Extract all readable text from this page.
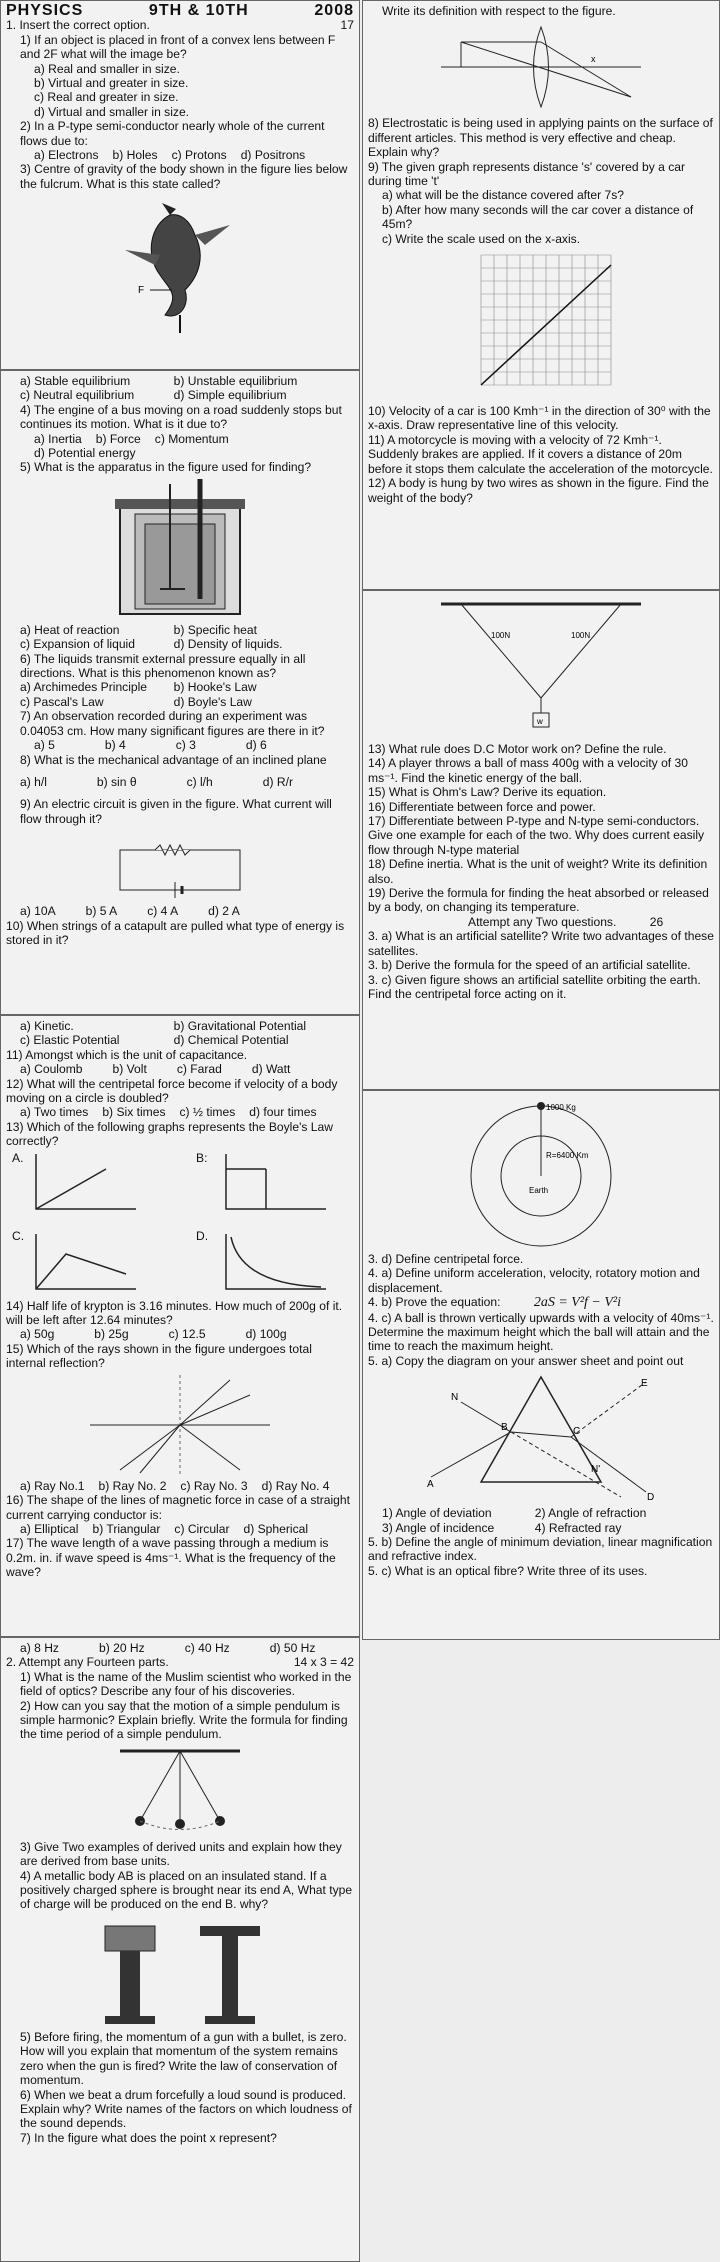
PHYSICS	9TH & 10TH	2008
1. Insert the correct option.	17

1) If an object is placed in front of a convex lens between F and 2F what will the image be?

a) Real and smaller in size.
b) Virtual and greater in size.
c) Real and greater in size.
d) Virtual and smaller in size.

2) In a P-type semi-conductor nearly whole of the current flows due to:

a) Electrons b) Holes c) Protons d) Positrons

3) Centre of gravity of the body shown in the figure lies below the fulcrum. What is this state called?

F
a) Stable equilibrium	b) Unstable equilibrium c) Neutral equilibrium	d) Simple equilibrium

4) The engine of a bus moving on a road suddenly stops but continues its motion. What is it due to?

a) Inertia b) Force c) Momentum
d) Potential energy

5) What is the apparatus in the figure used for finding?

a) Heat of reaction	b) Specific heat c) Expansion of liquid	d) Density of liquids.

6) The liquids transmit external pressure equally in all directions. What is this phenomenon known as?

a) Archimedes Principle b) Hooke's Law c) Pascal's Law	d) Boyle's Law

7) An observation recorded during an experiment was 0.04053 cm. How many significant figures are there in it?

a) 5	b) 4	c) 3	d) 6

8) What is the mechanical advantage of an inclined plane

a) h/l	b) sin θ	c) l/h	d) R/r

9) An electric circuit is given in the figure. What current will flow through it?

a) 10A b) 5 A c) 4 A d) 2 A

10) When strings of a catapult are pulled what type of energy is stored in it?

a) Kinetic.	b) Gravitational Potential c) Elastic Potential	d) Chemical Potential

11) Amongst which is the unit of capacitance.

a) Coulomb b) Volt c) Farad d) Watt

12) What will the centripetal force become if velocity of a body moving on a circle is doubled?

a) Two times b) Six times c) ½ times d) four times

13) Which of the following graphs represents the Boyle's Law correctly?

A.	B:
C.	D.

14) Half life of krypton is 3.16 minutes. How much of 200g of it. will be left after 12.64 minutes?

a) 50g	b) 25g	c) 12.5	d) 100g

15) Which of the rays shown in the figure undergoes total internal reflection?

a) Ray No.1 b) Ray No. 2 c) Ray No. 3 d) Ray No. 4

16) The shape of the lines of magnetic force in case of a straight current carrying conductor is:

a) Elliptical b) Triangular c) Circular d) Spherical

17) The wave length of a wave passing through a medium is 0.2m. in. if wave speed is 4ms⁻¹. What is the frequency of the wave?

a) 8 Hz	b) 20 Hz	c) 40 Hz	d) 50 Hz
2. Attempt any Fourteen parts.	14 x 3 = 42

1) What is the name of the Muslim scientist who worked in the field of optics? Describe any four of his discoveries.

2) How can you say that the motion of a simple pendulum is simple harmonic? Explain briefly. Write the formula for finding the time period of a simple pendulum.

3) Give Two examples of derived units and explain how they are derived from base units.

4) A metallic body AB is placed on an insulated stand. If a positively charged sphere is brought near its end A, What type of charge will be produced on the end B. why?

5) Before firing, the momentum of a gun with a bullet, is zero. How will you explain that momentum of the system remains zero when the gun is fired? Write the law of conservation of momentum.

6) When we beat a drum forcefully a loud sound is produced. Explain why? Write names of the factors on which loudness of the sound depends.

7) In the figure what does the point x represent?

Write its definition with respect to the figure.

x

8) Electrostatic is being used in applying paints on the surface of different articles. This method is very effective and cheap. Explain why?

9) The given graph represents distance 's' covered by a car during time 't'

a) what will be the distance covered after 7s?
b) After how many seconds will the car cover a distance of 45m?
c) Write the scale used on the x-axis.

10) Velocity of a car is 100 Kmh⁻¹ in the direction of 30⁰ with the x-axis. Draw representative line of this velocity.

11) A motorcycle is moving with a velocity of 72 Kmh⁻¹. Suddenly brakes are applied. If it covers a distance of 20m before it stops them calculate the acceleration of the motorcycle.

12) A body is hung by two wires as shown in the figure. Find the weight of the body?

100N	100N
w

13) What rule does D.C Motor work on? Define the rule.

14) A player throws a ball of mass 400g with a velocity of 30 ms⁻¹. Find the kinetic energy of the ball.

15) What is Ohm's Law? Derive its equation.

16) Differentiate between force and power.

17) Differentiate between P-type and N-type semi-conductors. Give one example for each of the two. Why does current easily flow through N-type material

18) Define inertia. What is the unit of weight? Write its definition also.

19) Derive the formula for finding the heat absorbed or released by a body, on changing its temperature.

Attempt any Two questions.	26

3. a) What is an artificial satellite? Write two advantages of these satellites.

3. b) Derive the formula for the speed of an artificial satellite.

3. c) Given figure shows an artificial satellite orbiting the earth. Find the centripetal force acting on it.

1000 Kg
R=6400 Km
Earth

3. d) Define centripetal force.

4. a) Define uniform acceleration, velocity, rotatory motion and displacement.

4. b) Prove the equation: 2aS = V²f − V²i

4. c) A ball is thrown vertically upwards with a velocity of 40ms⁻¹. Determine the maximum height which the ball will attain and the time to reach the maximum height.

5. a) Copy the diagram on your answer sheet and point out

N
E
N'
B	C
A
D
1) Angle of deviation	2) Angle of refraction 3) Angle of incidence	4) Refracted ray

5. b) Define the angle of minimum deviation, linear magnification and refractive index.

5. c) What is an optical fibre? Write three of its uses.
